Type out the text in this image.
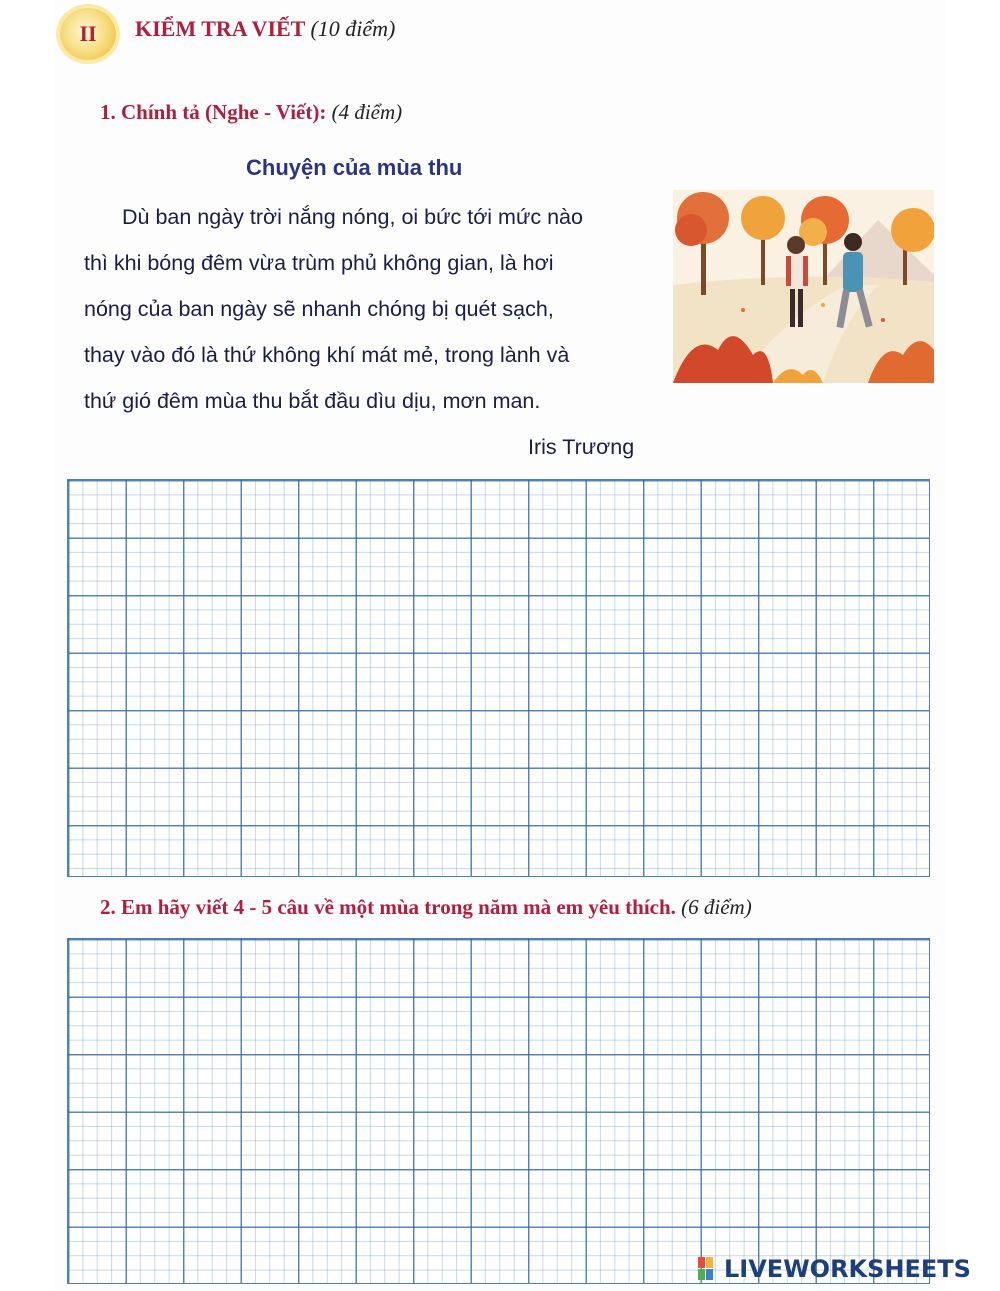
II	KIỂM TRA VIẾT (10 điểm)
1. Chính tả (Nghe - Viết): (4 điểm)
Chuyện của mùa thu
Dù ban ngày trời nắng nóng, oi bức tới mức nào
thì khi bóng đêm vừa trùm phủ không gian, là hơi
nóng của ban ngày sẽ nhanh chóng bị quét sạch,
thay vào đó là thứ không khí mát mẻ, trong lành và
thứ gió đêm mùa thu bắt đầu dìu dịu, mơn man.
Iris Trương
2. Em hãy viết 4 - 5 câu về một mùa trong năm mà em yêu thích. (6 điểm)
LIVEWORKSHEETS
